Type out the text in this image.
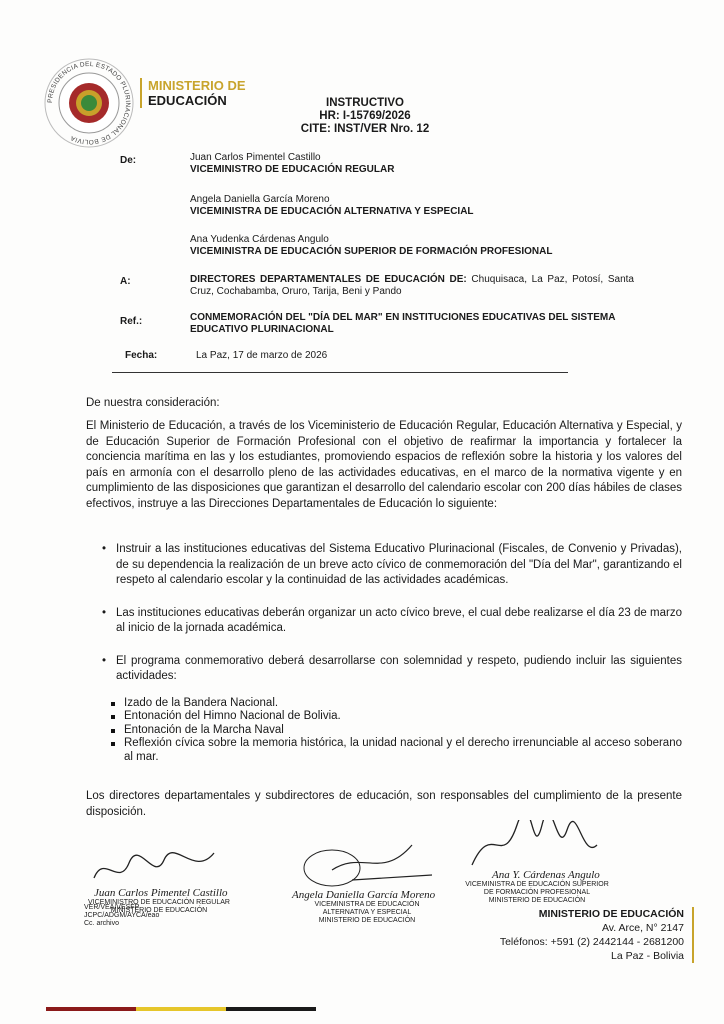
PRESIDENCIA DEL ESTADO PLURINACIONAL DE BOLIVIA
MINISTERIO DE
EDUCACIÓN	INSTRUCTIVO
HR: I-15769/2026
CITE: INST/VER Nro. 12
De:	Juan Carlos Pimentel Castillo
VICEMINISTRO DE EDUCACIÓN REGULAR
Angela Daniella García Moreno
VICEMINISTRA DE EDUCACIÓN ALTERNATIVA Y ESPECIAL
Ana Yudenka Cárdenas Angulo
VICEMINISTRA DE EDUCACIÓN SUPERIOR DE FORMACIÓN PROFESIONAL
A:	DIRECTORES DEPARTAMENTALES DE EDUCACIÓN DE: Chuquisaca, La Paz, Potosí, Santa Cruz, Cochabamba, Oruro, Tarija, Beni y Pando
Ref.:	CONMEMORACIÓN DEL "DÍA DEL MAR" EN INSTITUCIONES EDUCATIVAS DEL SISTEMA EDUCATIVO PLURINACIONAL
Fecha:	La Paz, 17 de marzo de 2026
De nuestra consideración:
El Ministerio de Educación, a través de los Viceministerio de Educación Regular, Educación Alternativa y Especial, y de Educación Superior de Formación Profesional con el objetivo de reafirmar la importancia y fortalecer la conciencia marítima en las y los estudiantes, promoviendo espacios de reflexión sobre la historia y los valores del país en armonía con el desarrollo pleno de las actividades educativas, en el marco de la normativa vigente y en cumplimiento de las disposiciones que garantizan el desarrollo del calendario escolar con 200 días hábiles de clases efectivos, instruye a las Direcciones Departamentales de Educación lo siguiente:
• Instruir a las instituciones educativas del Sistema Educativo Plurinacional (Fiscales, de Convenio y Privadas), de su dependencia la realización de un breve acto cívico de conmemoración del "Día del Mar", garantizando el respeto al calendario escolar y la continuidad de las actividades académicas.
• Las instituciones educativas deberán organizar un acto cívico breve, el cual debe realizarse el día 23 de marzo al inicio de la jornada académica.
• El programa conmemorativo deberá desarrollarse con solemnidad y respeto, pudiendo incluir las siguientes actividades:
Izado de la Bandera Nacional.
Entonación del Himno Nacional de Bolivia.
Entonación de la Marcha Naval
Reflexión cívica sobre la memoria histórica, la unidad nacional y el derecho irrenunciable al acceso soberano al mar.
Los directores departamentales y subdirectores de educación, son responsables del cumplimiento de la presente disposición.
Juan Carlos Pimentel Castillo
VICEMINISTRO DE EDUCACIÓN REGULAR
MINISTERIO DE EDUCACIÓN
VER/VEA/VESFP
JCPC/ADGM/AYCA/eao
Cc. archivo
Angela Daniella García Moreno
VICEMINISTRA DE EDUCACIÓN ALTERNATIVA Y ESPECIAL
MINISTERIO DE EDUCACIÓN
Ana Y. Cárdenas Angulo
VICEMINISTRA DE EDUCACIÓN SUPERIOR DE FORMACIÓN PROFESIONAL
MINISTERIO DE EDUCACIÓN
MINISTERIO DE EDUCACIÓN
Av. Arce, N° 2147
Teléfonos: +591 (2) 2442144 - 2681200
La Paz - Bolivia
